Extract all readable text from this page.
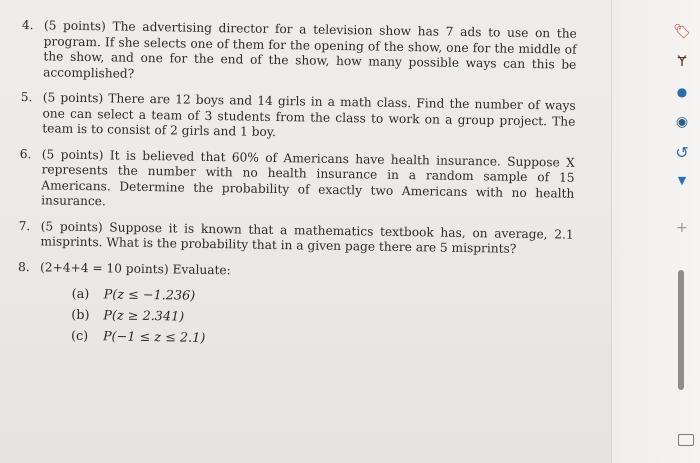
4. (5 points) The advertising director for a television show has 7 ads to use on the program. If she selects one of them for the opening of the show, one for the middle of the show, and one for the end of the show, how many possible ways can this be accomplished?

5. (5 points) There are 12 boys and 14 girls in a math class. Find the number of ways one can select a team of 3 students from the class to work on a group project. The team is to consist of 2 girls and 1 boy.

6. (5 points) It is believed that 60% of Americans have health insurance. Suppose X represents the number with no health insurance in a random sample of 15 Americans. Determine the probability of exactly two Americans with no health insurance.

7. (5 points) Suppose it is known that a mathematics textbook has, on average, 2.1 misprints. What is the probability that in a given page there are 5 misprints?

8. (2+4+4 = 10 points) Evaluate:

(a)	P(z ≤ −1.236)
(b)	P(z ≥ 2.341)
(c)	P(−1 ≤ z ≤ 2.1)
🏷
Ɏ
●
◉
↺
▼
+
